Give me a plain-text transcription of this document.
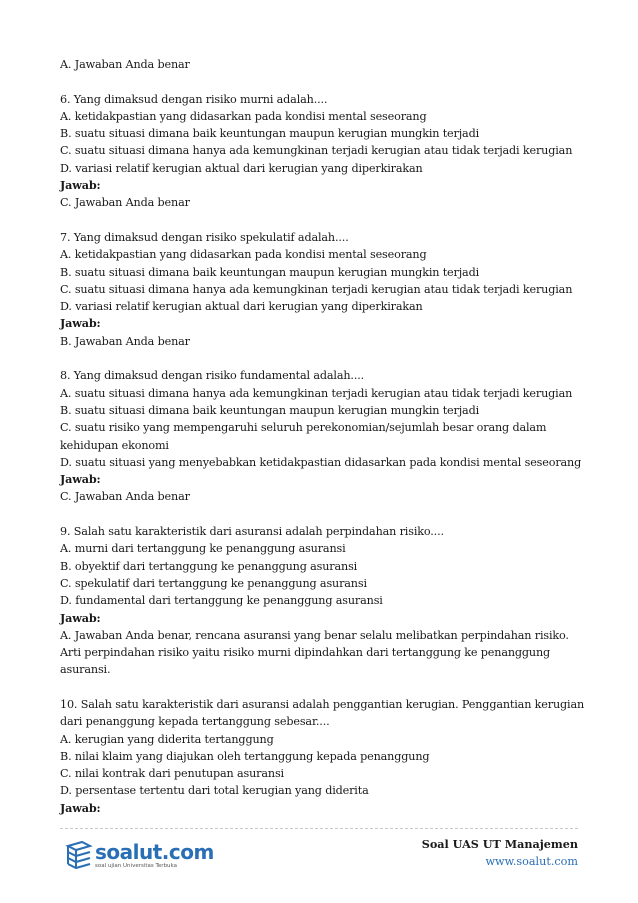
A. Jawaban Anda benar
6. Yang dimaksud dengan risiko murni adalah....
A. ketidakpastian yang didasarkan pada kondisi mental seseorang
B. suatu situasi dimana baik keuntungan maupun kerugian mungkin terjadi
C. suatu situasi dimana hanya ada kemungkinan terjadi kerugian atau tidak terjadi kerugian
D. variasi relatif kerugian aktual dari kerugian yang diperkirakan
Jawab:
C. Jawaban Anda benar
7. Yang dimaksud dengan risiko spekulatif adalah....
A. ketidakpastian yang didasarkan pada kondisi mental seseorang
B. suatu situasi dimana baik keuntungan maupun kerugian mungkin terjadi
C. suatu situasi dimana hanya ada kemungkinan terjadi kerugian atau tidak terjadi kerugian
D. variasi relatif kerugian aktual dari kerugian yang diperkirakan
Jawab:
B. Jawaban Anda benar
8. Yang dimaksud dengan risiko fundamental adalah....
A. suatu situasi dimana hanya ada kemungkinan terjadi kerugian atau tidak terjadi kerugian
B. suatu situasi dimana baik keuntungan maupun kerugian mungkin terjadi
C. suatu risiko yang mempengaruhi seluruh perekonomian/sejumlah besar orang dalam
kehidupan ekonomi
D. suatu situasi yang menyebabkan ketidakpastian didasarkan pada kondisi mental seseorang
Jawab:
C. Jawaban Anda benar
9. Salah satu karakteristik dari asuransi adalah perpindahan risiko....
A. murni dari tertanggung ke penanggung asuransi
B. obyektif dari tertanggung ke penanggung asuransi
C. spekulatif dari tertanggung ke penanggung asuransi
D. fundamental dari tertanggung ke penanggung asuransi
Jawab:
A. Jawaban Anda benar, rencana asuransi yang benar selalu melibatkan perpindahan risiko.
Arti perpindahan risiko yaitu risiko murni dipindahkan dari tertanggung ke penanggung
asuransi.
10. Salah satu karakteristik dari asuransi adalah penggantian kerugian. Penggantian kerugian
dari penanggung kepada tertanggung sebesar....
A. kerugian yang diderita tertanggung
B. nilai klaim yang diajukan oleh tertanggung kepada penanggung
C. nilai kontrak dari penutupan asuransi
D. persentase tertentu dari total kerugian yang diderita
Jawab:
soalut.com
soal ujian Universitas Terbuka
Soal UAS UT Manajemen
www.soalut.com
